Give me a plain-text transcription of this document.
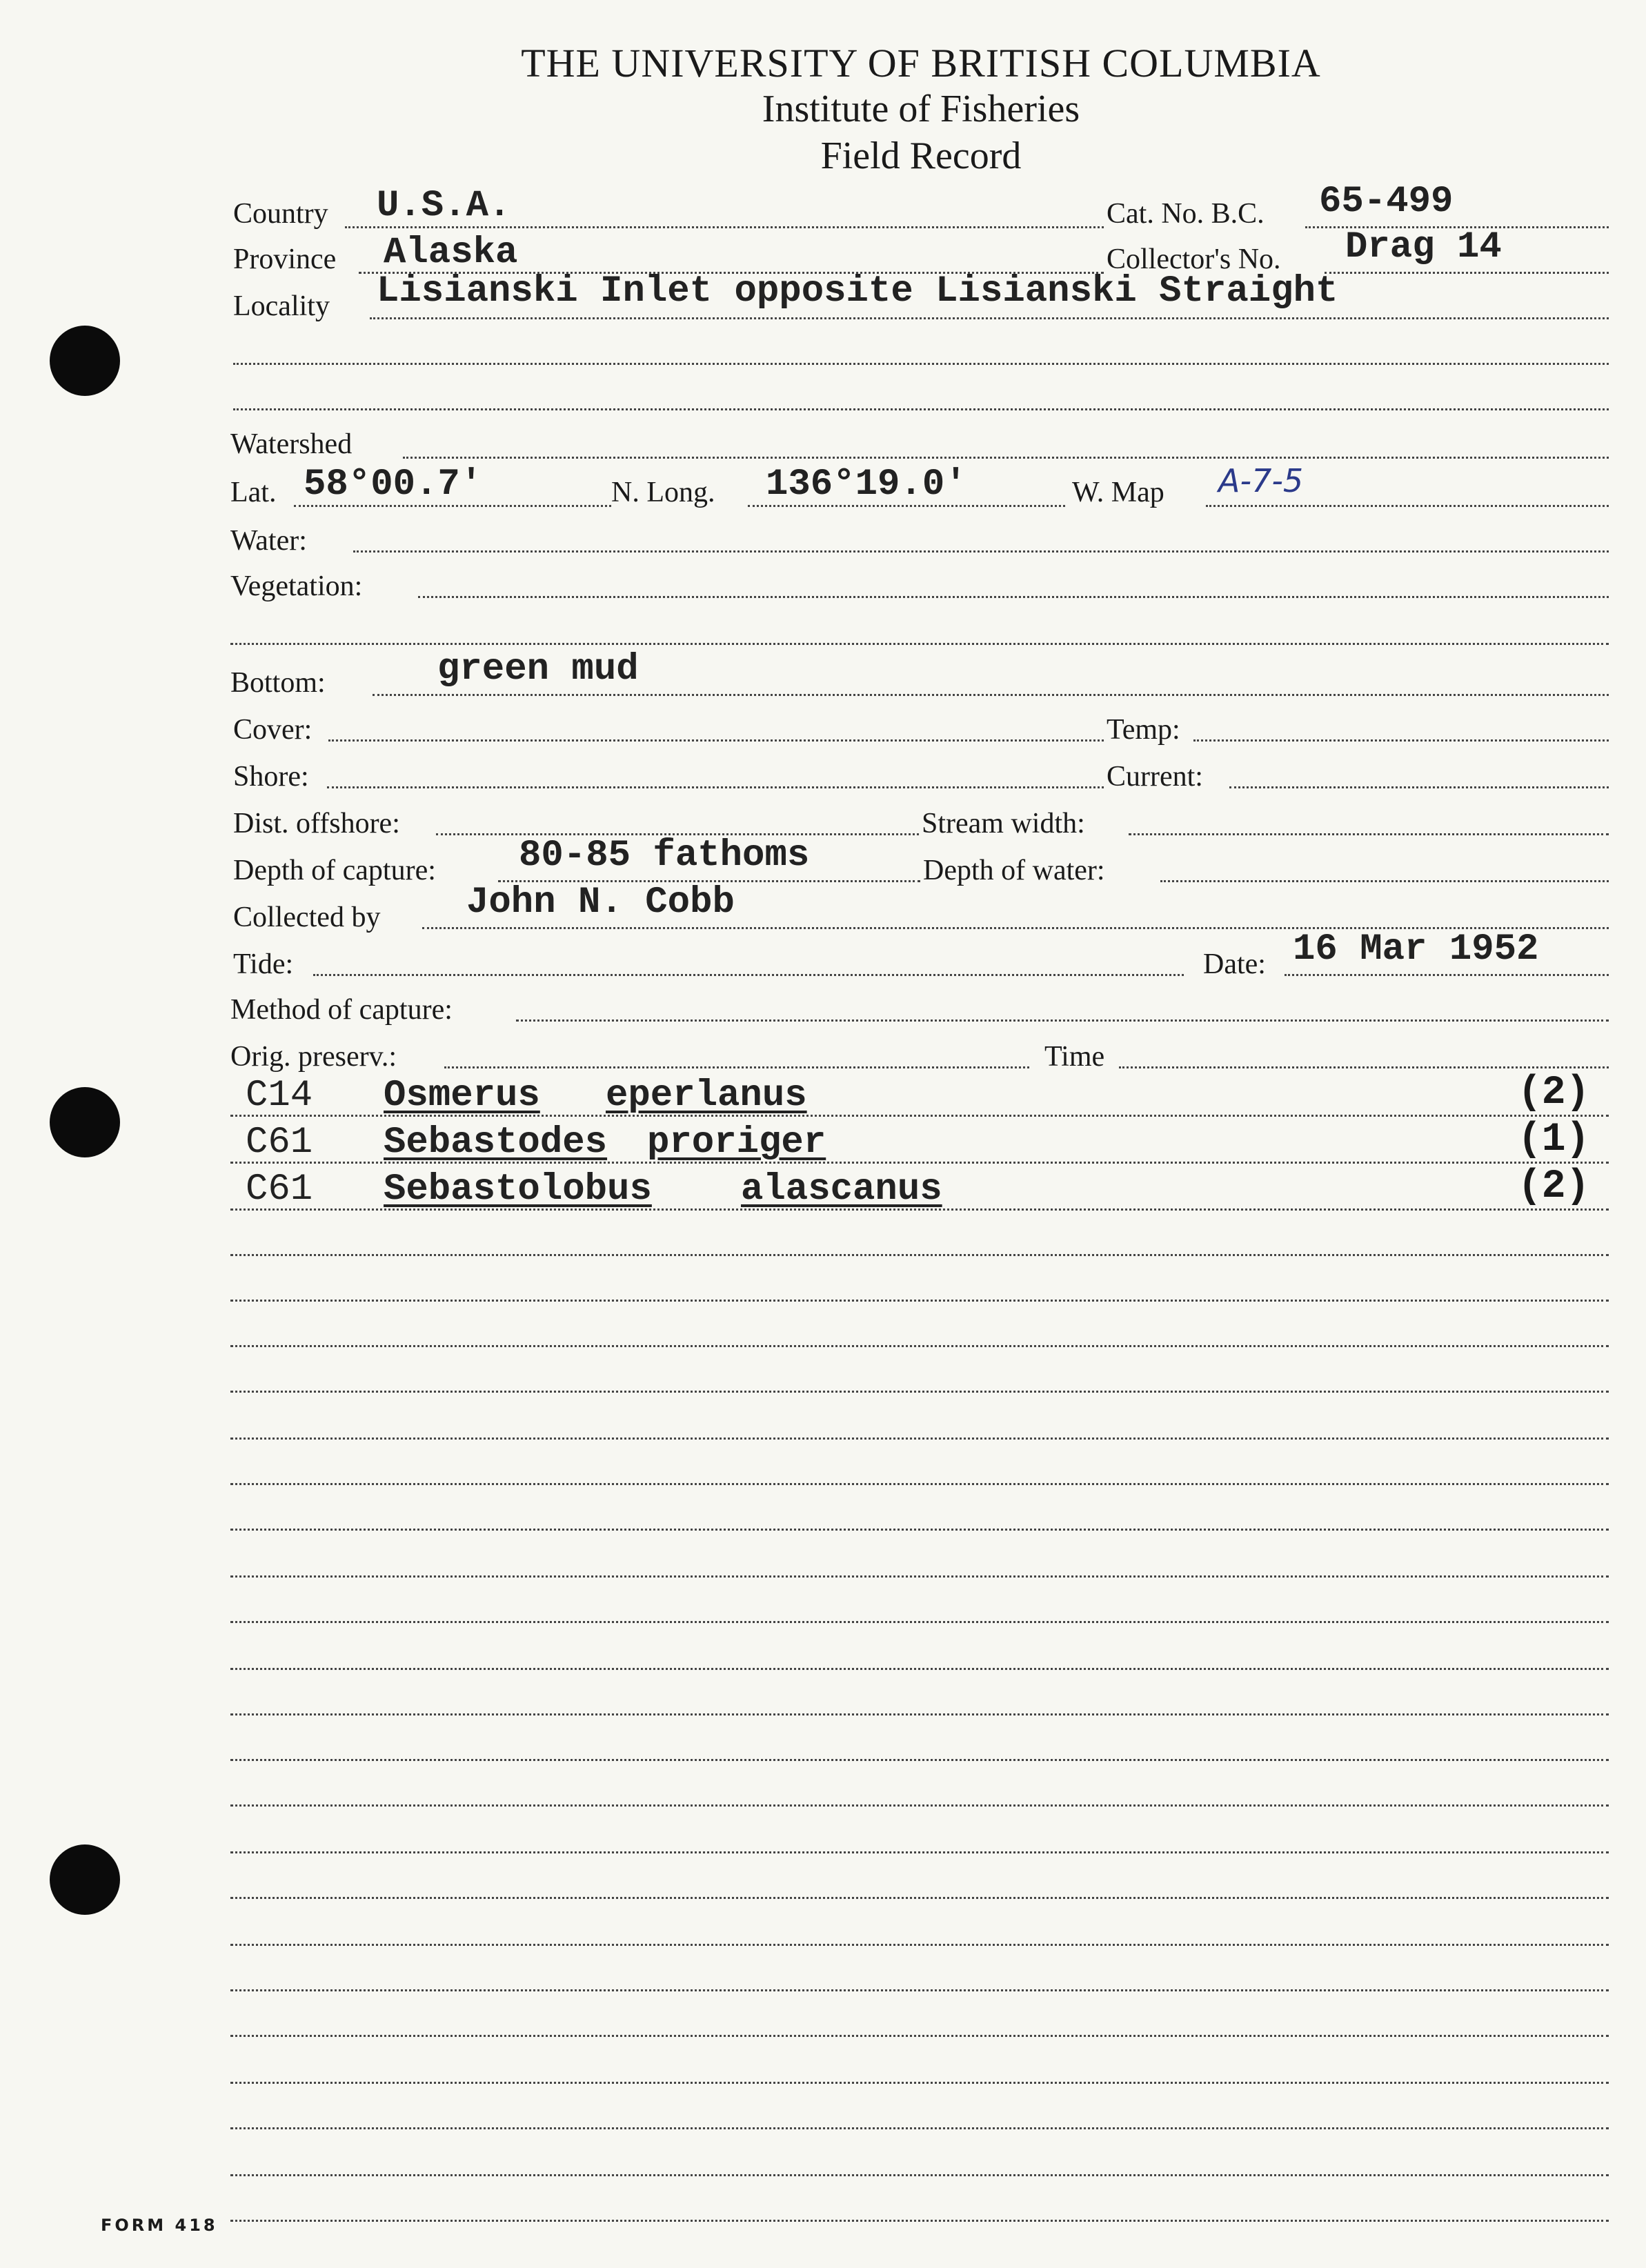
THE UNIVERSITY OF BRITISH COLUMBIA
Institute of Fisheries
Field Record
Country U.S.A.	Cat. No. B.C. 65-499
Province Alaska	Collector's No. Drag 14
Locality Lisianski Inlet opposite Lisianski Straight
Watershed
Lat. 58°00.7'	N. Long. 136°19.0'	W. Map A-7-5
Water:
Vegetation:
Bottom:	green mud
Cover:	Temp:
Shore:	Current:
Dist. offshore:	Stream width:
Depth of capture: 80-85 fathoms	Depth of water:
Collected by John N. Cobb
Tide:	Date: 16 Mar 1952
Method of capture:
Orig. preserv.:	Time
C14 Osmerus eperlanus	(2)
C61 Sebastodes proriger	(1)
C61 Sebastolobus alascanus	(2)
FORM 418
